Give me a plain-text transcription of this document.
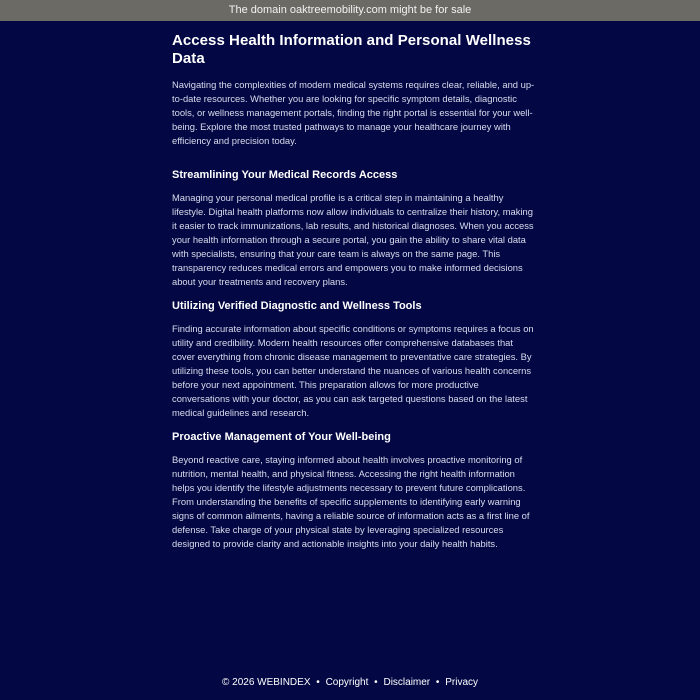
The domain oaktreemobility.com might be for sale
Access Health Information and Personal Wellness Data

Navigating the complexities of modern medical systems requires clear, reliable, and up-to-date resources. Whether you are looking for specific symptom details, diagnostic tools, or wellness management portals, finding the right portal is essential for your well-being. Explore the most trusted pathways to manage your healthcare journey with efficiency and precision today.

Streamlining Your Medical Records Access

Managing your personal medical profile is a critical step in maintaining a healthy lifestyle. Digital health platforms now allow individuals to centralize their history, making it easier to track immunizations, lab results, and historical diagnoses. When you access your health information through a secure portal, you gain the ability to share vital data with specialists, ensuring that your care team is always on the same page. This transparency reduces medical errors and empowers you to make informed decisions about your treatments and recovery plans.

Utilizing Verified Diagnostic and Wellness Tools

Finding accurate information about specific conditions or symptoms requires a focus on utility and credibility. Modern health resources offer comprehensive databases that cover everything from chronic disease management to preventative care strategies. By utilizing these tools, you can better understand the nuances of various health concerns before your next appointment. This preparation allows for more productive conversations with your doctor, as you can ask targeted questions based on the latest medical guidelines and research.

Proactive Management of Your Well-being

Beyond reactive care, staying informed about health involves proactive monitoring of nutrition, mental health, and physical fitness. Accessing the right health information helps you identify the lifestyle adjustments necessary to prevent future complications. From understanding the benefits of specific supplements to identifying early warning signs of common ailments, having a reliable source of information acts as a first line of defense. Take charge of your physical state by leveraging specialized resources designed to provide clarity and actionable insights into your daily health habits.

© 2026 WEBINDEX • Copyright • Disclaimer • Privacy
